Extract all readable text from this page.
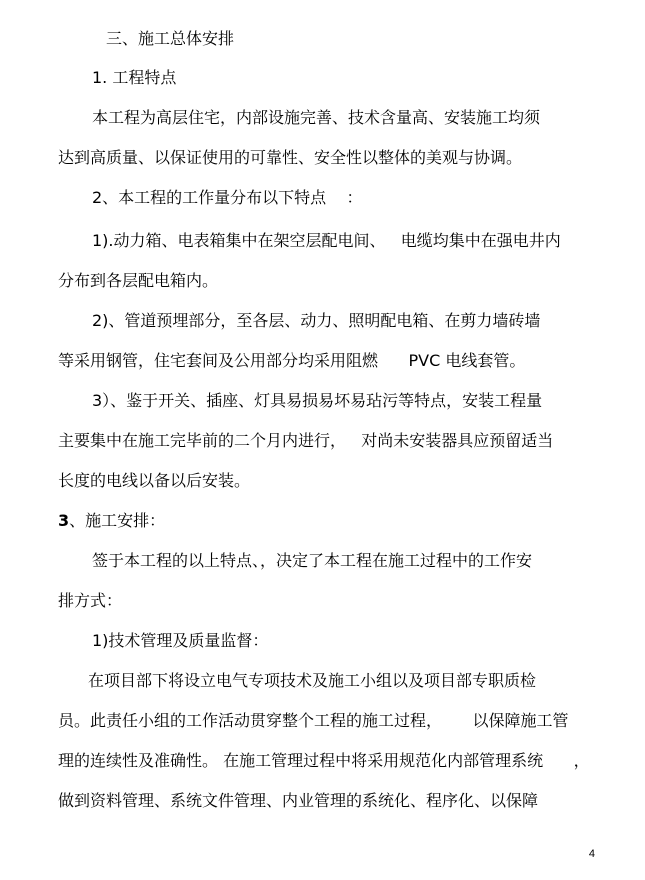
三、施工总体安排

1. 工程特点

本工程为高层住宅，内部设施完善、技术含量高、安装施工均须

达到高质量、以保证使用的可靠性、安全性以整体的美观与协调。

2、本工程的工作量分布以下特点    ：

1).动力箱、电表箱集中在架空层配电间、   电缆均集中在强电井内

分布到各层配电箱内。

2)、管道预埋部分，至各层、动力、照明配电箱、在剪力墙砖墙

等采用钢管，住宅套间及公用部分均采用阻燃      PVC 电线套管。

3）、鉴于开关、插座、灯具易损易坏易玷污等特点，安装工程量

主要集中在施工完毕前的二个月内进行，   对尚未安装器具应预留适当

长度的电线以备以后安装。

3、施工安排：

签于本工程的以上特点、，决定了本工程在施工过程中的工作安

排方式：

1)技术管理及质量监督：

在项目部下将设立电气专项技术及施工小组以及项目部专职质检

员。此责任小组的工作活动贯穿整个工程的施工过程，      以保障施工管

理的连续性及准确性。 在施工管理过程中将采用规范化内部管理系统      ，

做到资料管理、系统文件管理、内业管理的系统化、程序化、以保障

4
